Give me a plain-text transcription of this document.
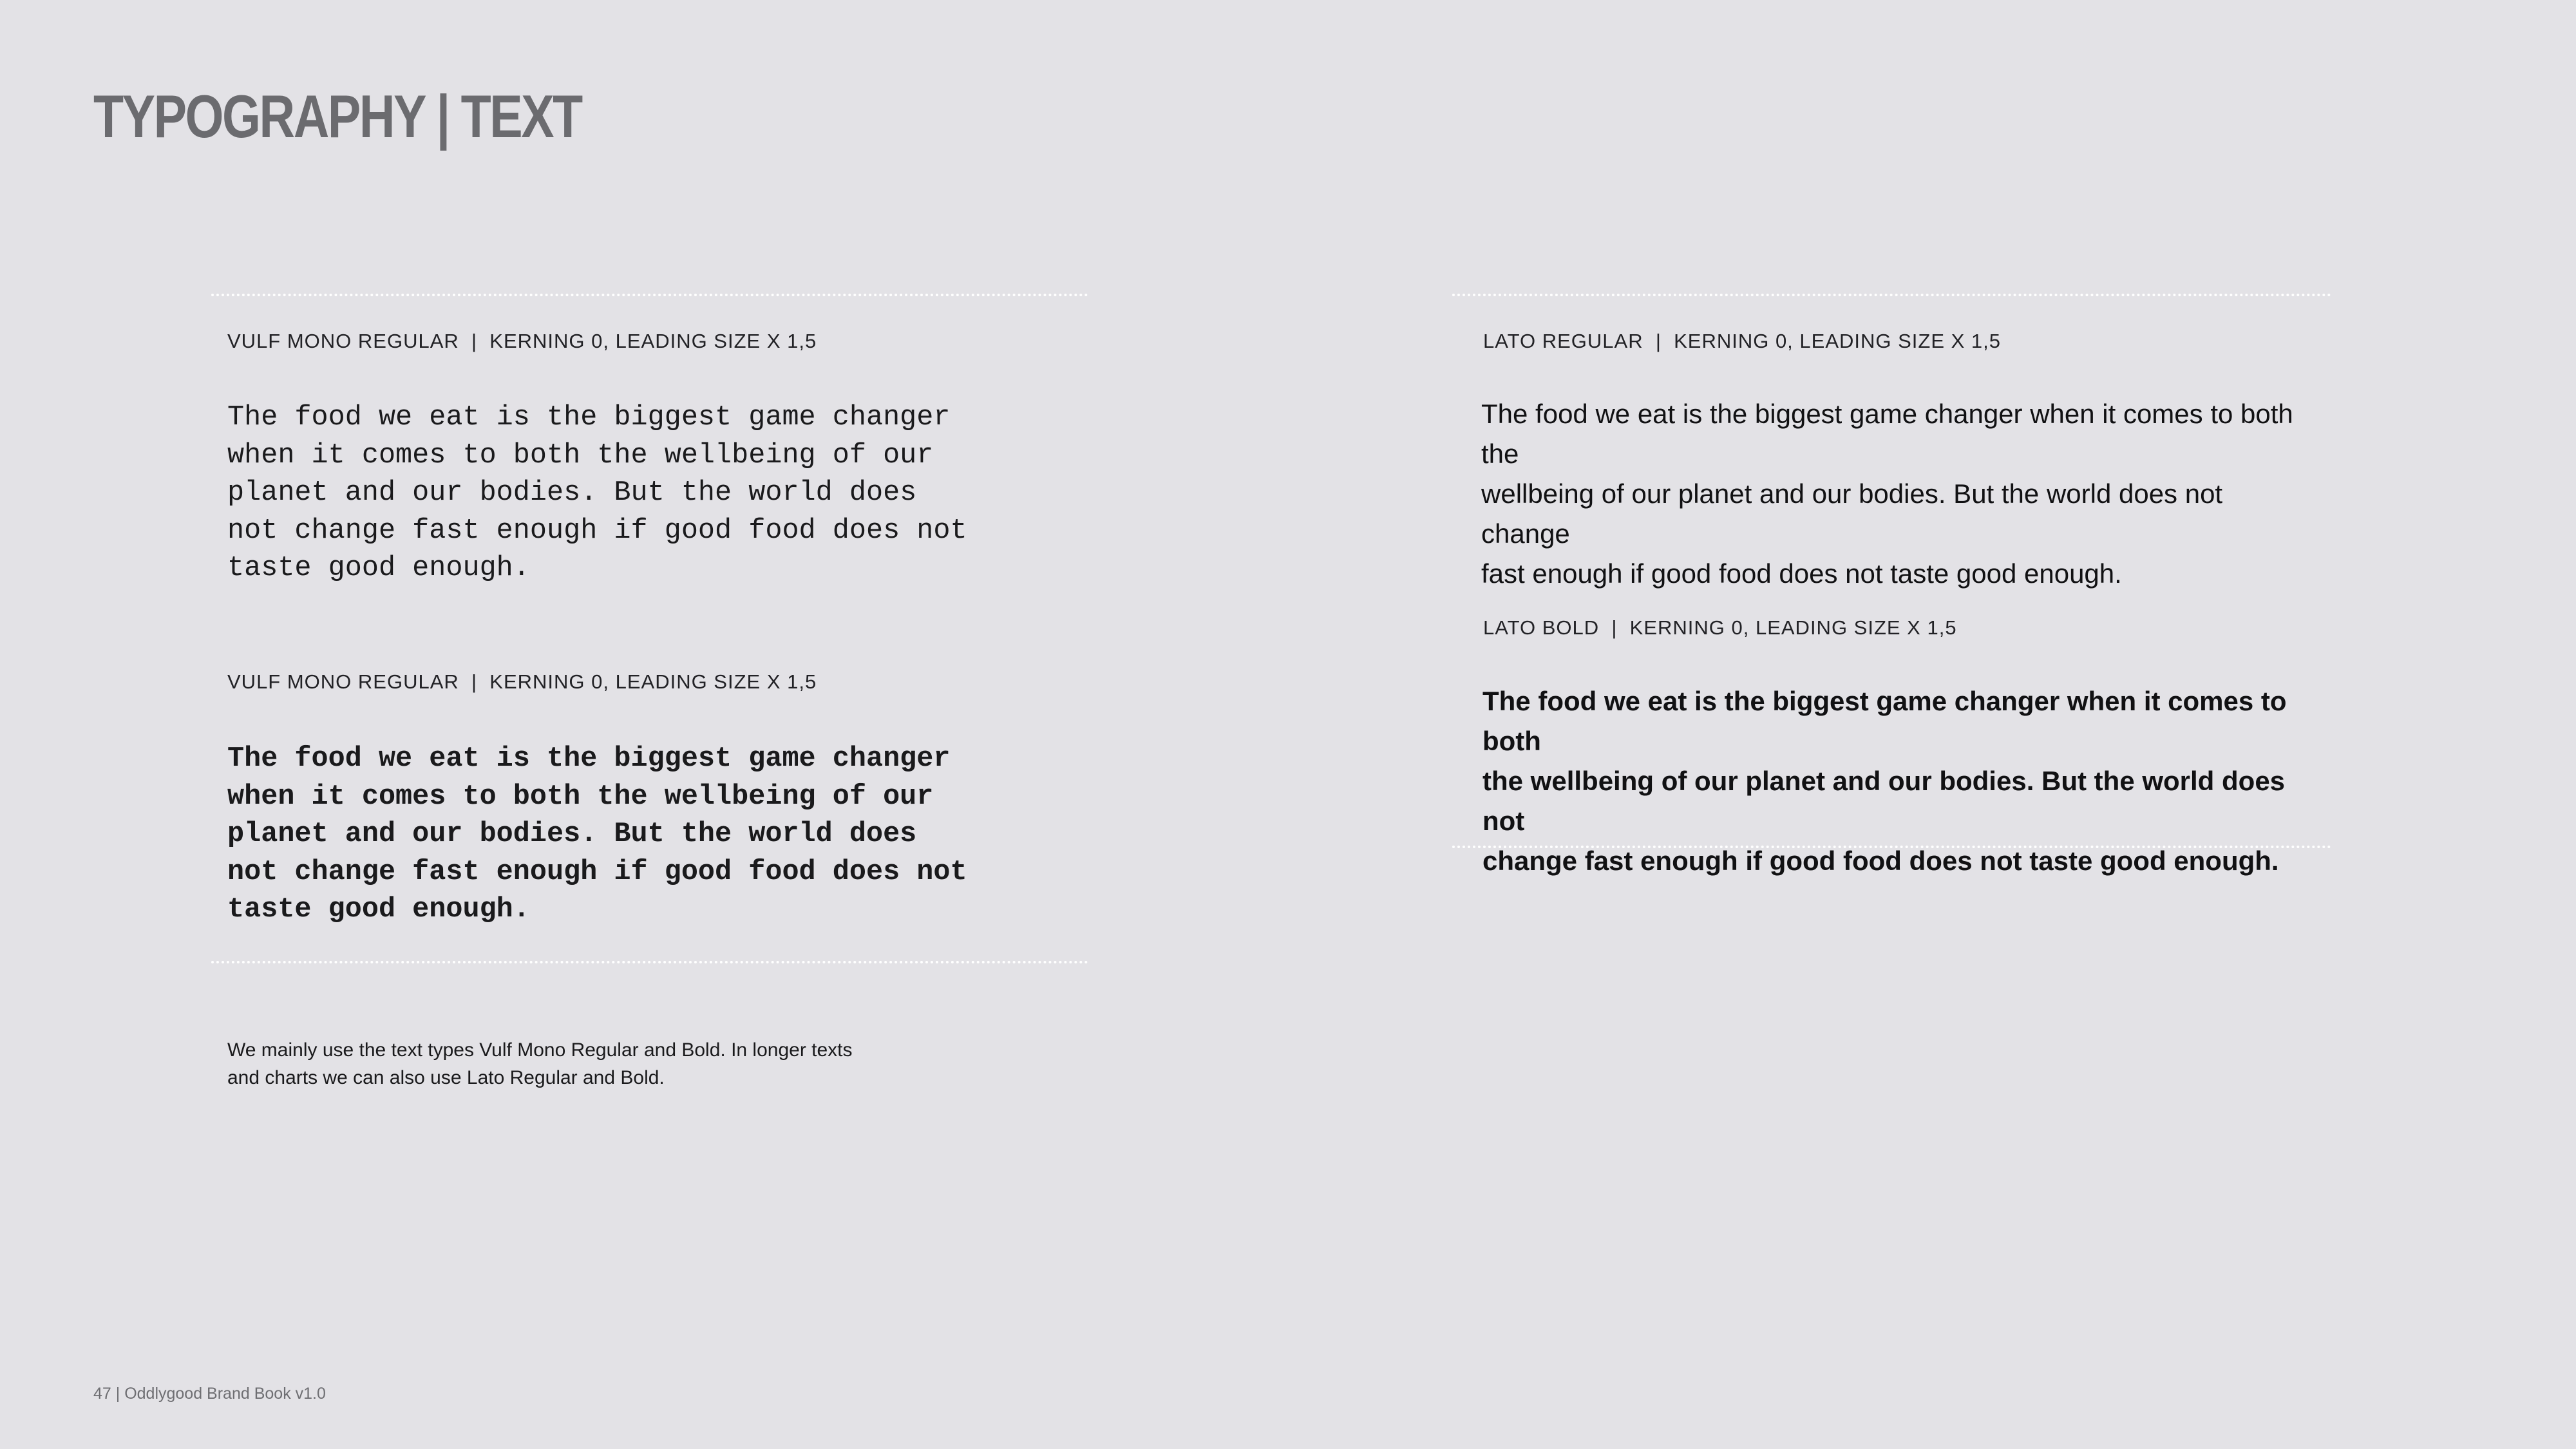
TYPOGRAPHY | TEXT

VULF MONO REGULAR  |  KERNING 0, LEADING SIZE X 1,5

The food we eat is the biggest game changer
when it comes to both the wellbeing of our
planet and our bodies. But the world does
not change fast enough if good food does not
taste good enough.

VULF MONO REGULAR  |  KERNING 0, LEADING SIZE X 1,5

The food we eat is the biggest game changer
when it comes to both the wellbeing of our
planet and our bodies. But the world does
not change fast enough if good food does not
taste good enough.

We mainly use the text types Vulf Mono Regular and Bold. In longer texts
and charts we can also use Lato Regular and Bold.

LATO REGULAR  |  KERNING 0, LEADING SIZE X 1,5

The food we eat is the biggest game changer when it comes to both the
wellbeing of our planet and our bodies. But the world does not change
fast enough if good food does not taste good enough.

LATO BOLD  |  KERNING 0, LEADING SIZE X 1,5

The food we eat is the biggest game changer when it comes to both
the wellbeing of our planet and our bodies. But the world does not
change fast enough if good food does not taste good enough.

47 | Oddlygood Brand Book v1.0
